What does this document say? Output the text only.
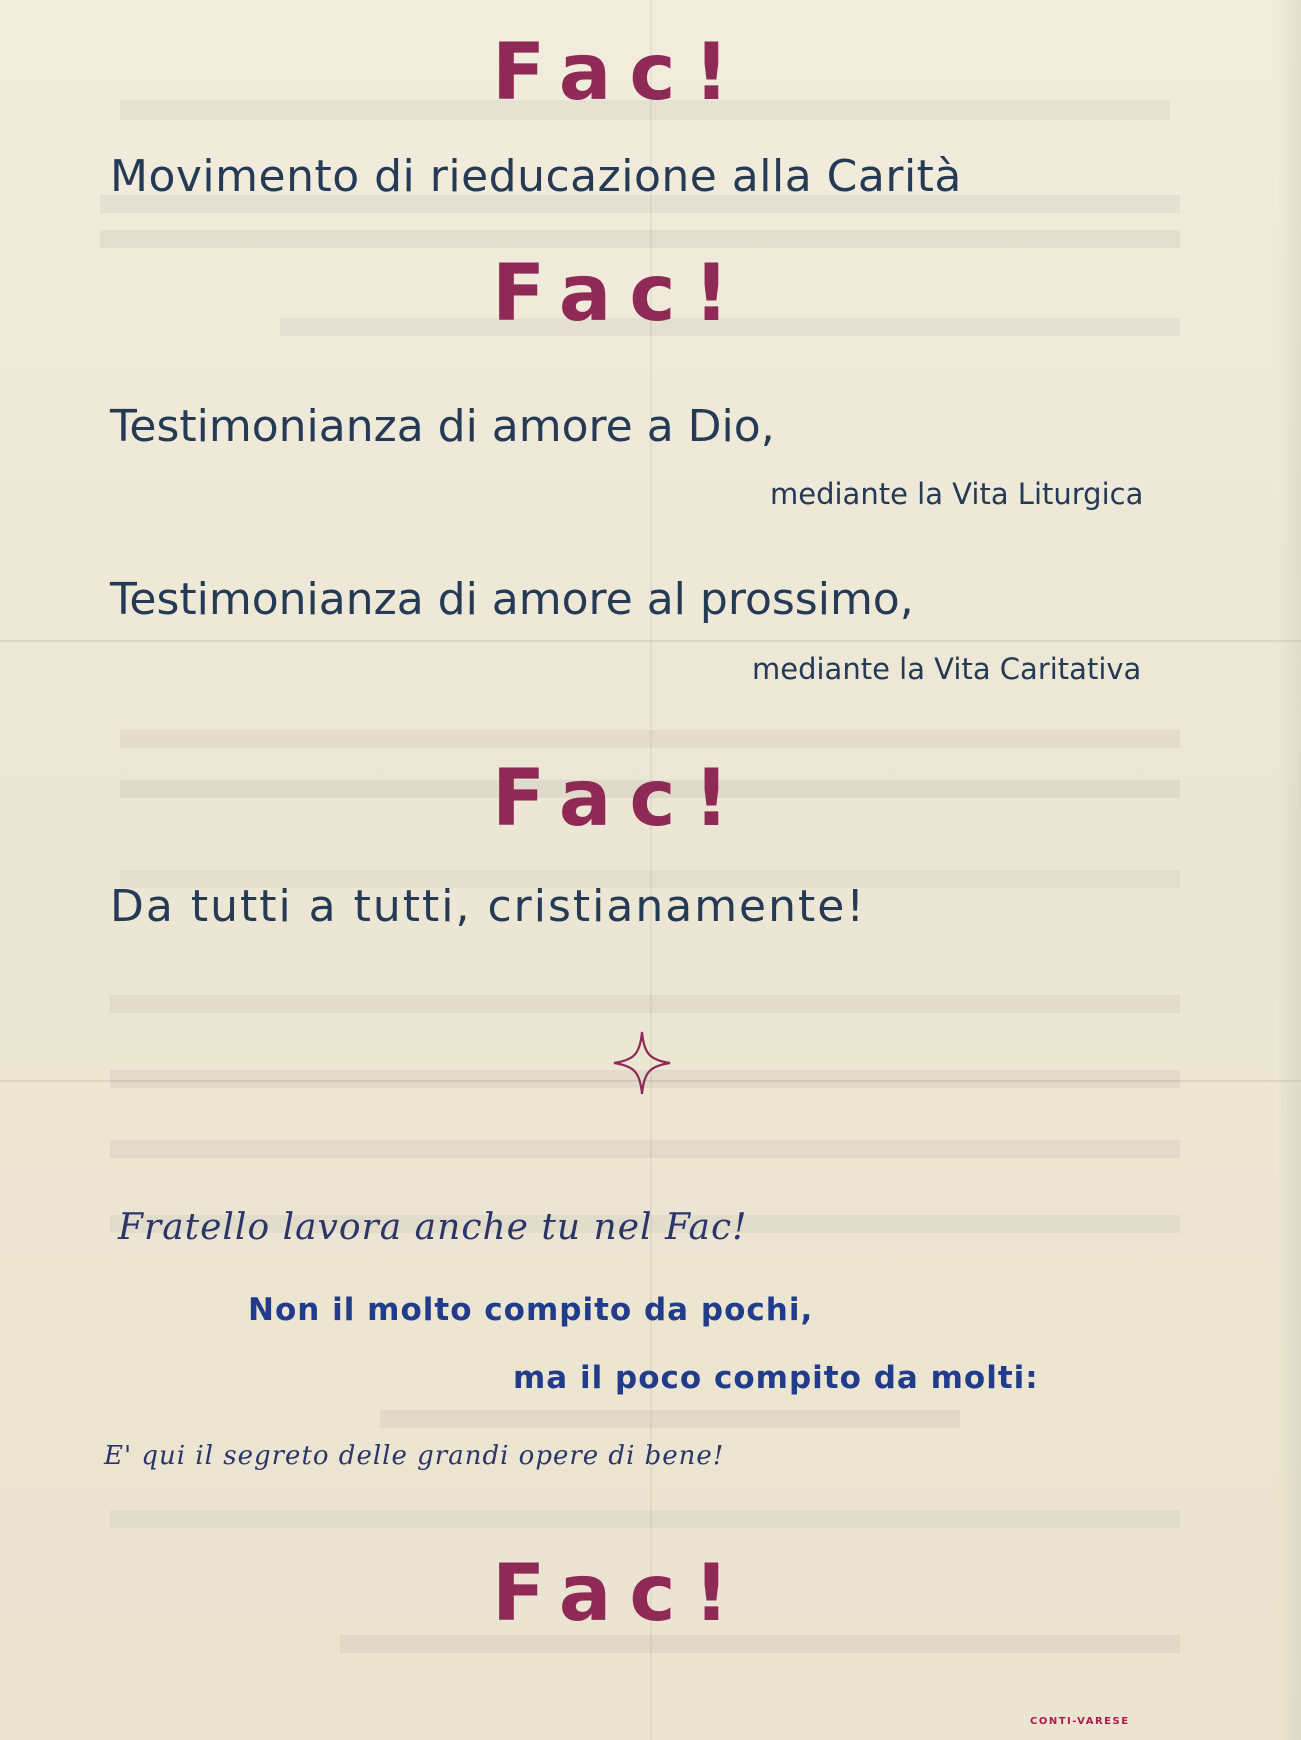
Fac!

Movimento di rieducazione alla Carità

Fac!

Testimonianza di amore a Dio,

mediante la Vita Liturgica

Testimonianza di amore al prossimo,

mediante la Vita Caritativa

Fac!

Da tutti a tutti, cristianamente!

Fratello lavora anche tu nel Fac!

Non il molto compito da pochi,

ma il poco compito da molti:

E' qui il segreto delle grandi opere di bene!

Fac!

CONTI-VARESE
